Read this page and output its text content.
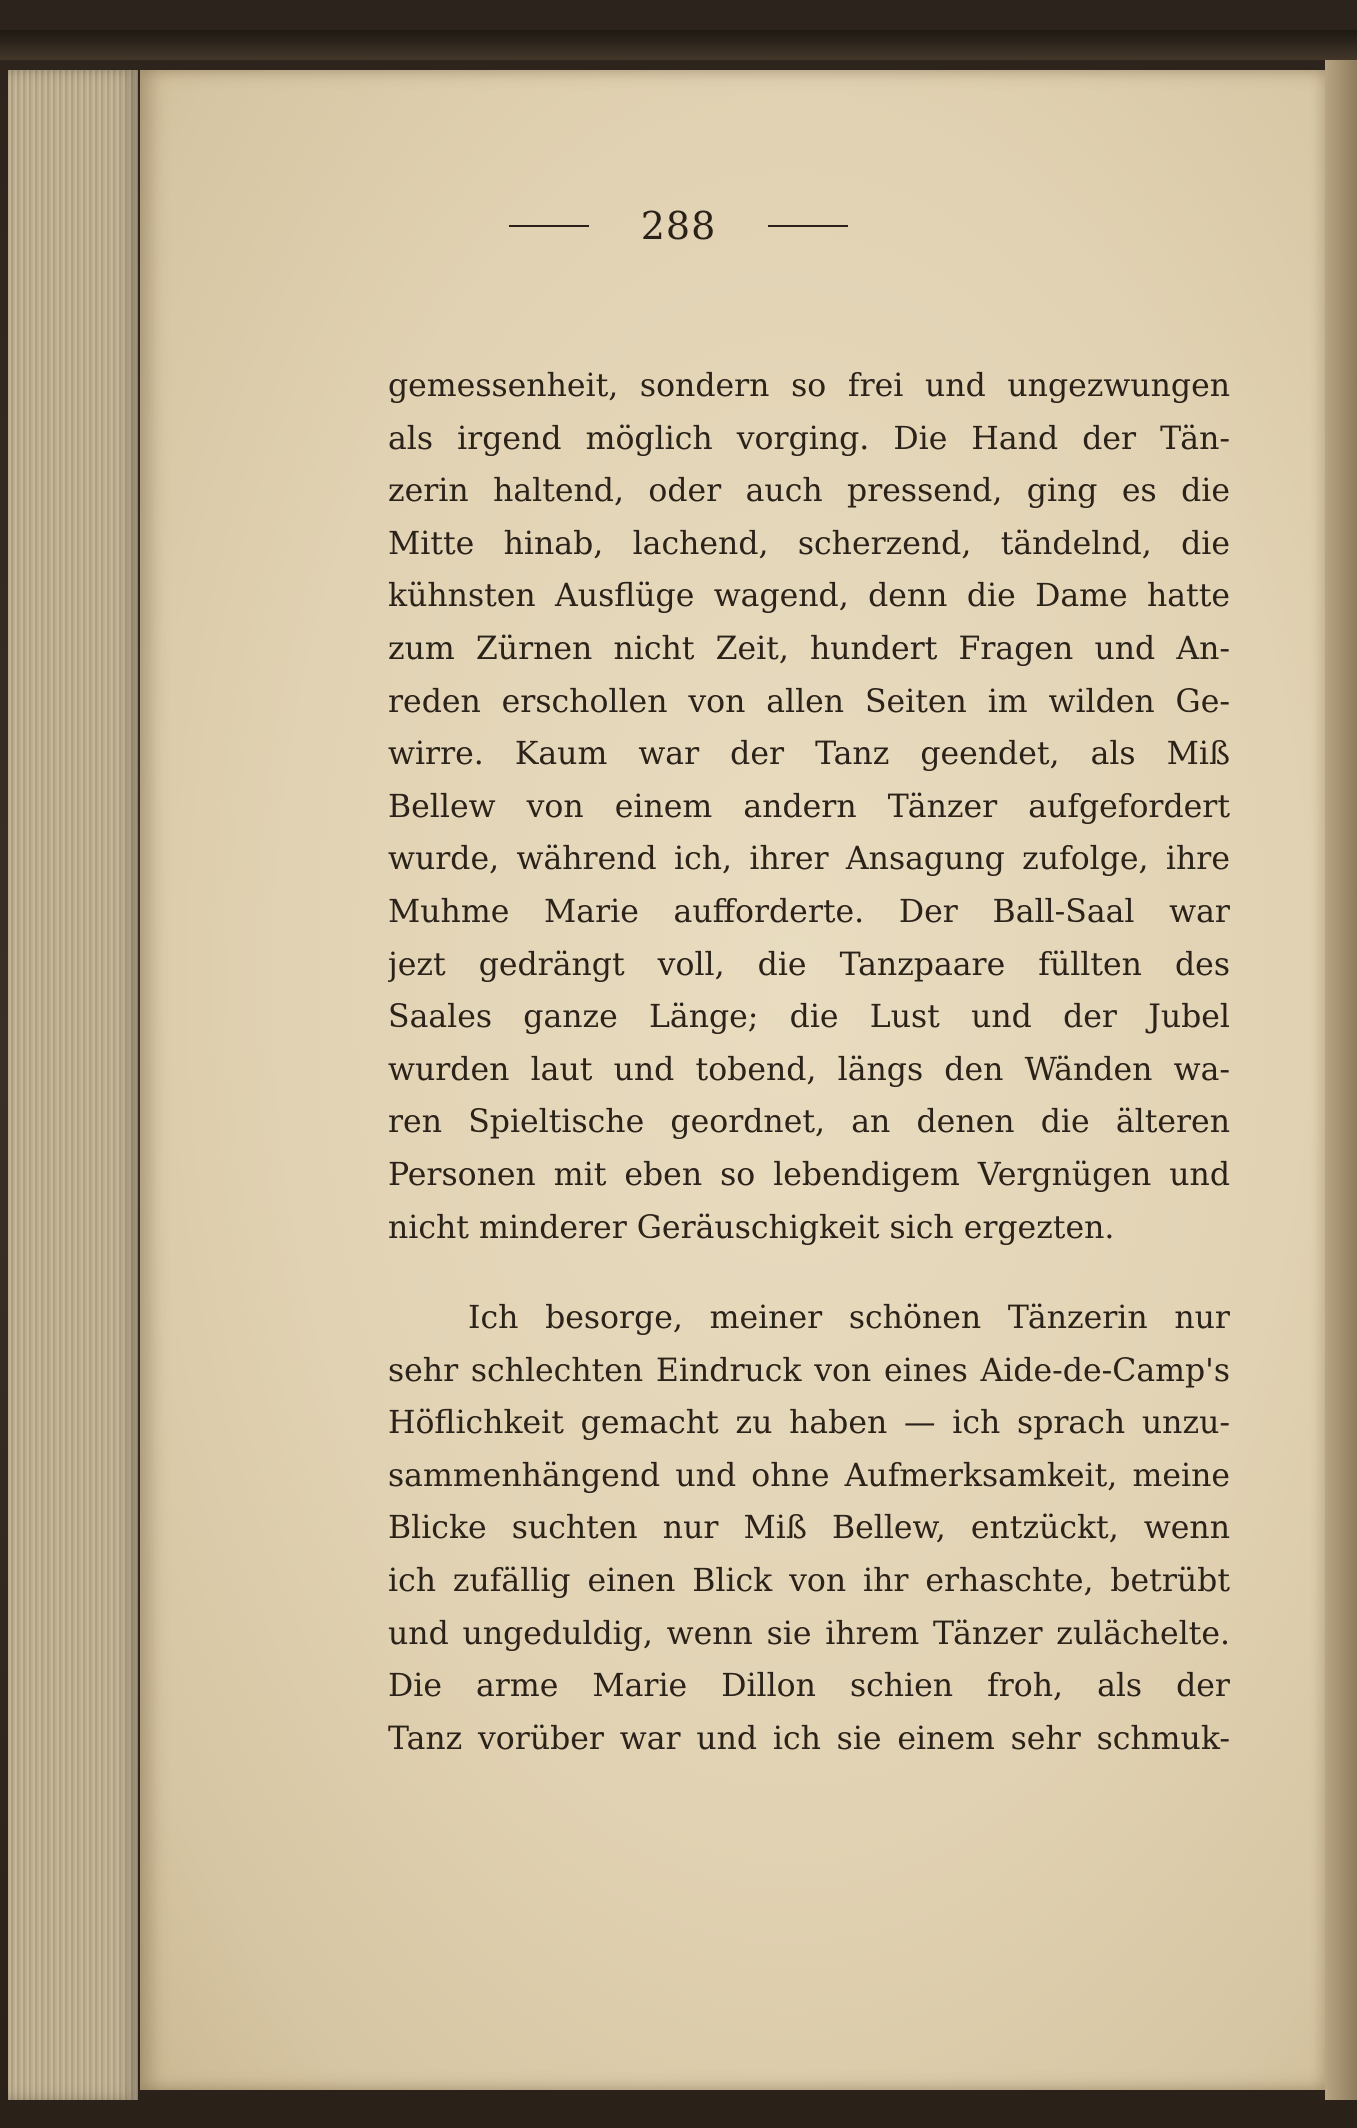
288
gemessenheit, sondern so frei und ungezwungen
als irgend möglich vorging. Die Hand der Tän-
zerin haltend, oder auch pressend, ging es die
Mitte hinab, lachend, scherzend, tändelnd, die
kühnsten Ausflüge wagend, denn die Dame hatte
zum Zürnen nicht Zeit, hundert Fragen und An-
reden erschollen von allen Seiten im wilden Ge-
wirre. Kaum war der Tanz geendet, als Miß
Bellew von einem andern Tänzer aufgefordert
wurde, während ich, ihrer Ansagung zufolge, ihre
Muhme Marie aufforderte. Der Ball-Saal war
jezt gedrängt voll, die Tanzpaare füllten des
Saales ganze Länge; die Lust und der Jubel
wurden laut und tobend, längs den Wänden wa-
ren Spieltische geordnet, an denen die älteren
Personen mit eben so lebendigem Vergnügen und
nicht minderer Geräuschigkeit sich ergezten.
Ich besorge, meiner schönen Tänzerin nur
sehr schlechten Eindruck von eines Aide-de-Camp's
Höflichkeit gemacht zu haben — ich sprach unzu-
sammenhängend und ohne Aufmerksamkeit, meine
Blicke suchten nur Miß Bellew, entzückt, wenn
ich zufällig einen Blick von ihr erhaschte, betrübt
und ungeduldig, wenn sie ihrem Tänzer zulächelte.
Die arme Marie Dillon schien froh, als der
Tanz vorüber war und ich sie einem sehr schmuk-
